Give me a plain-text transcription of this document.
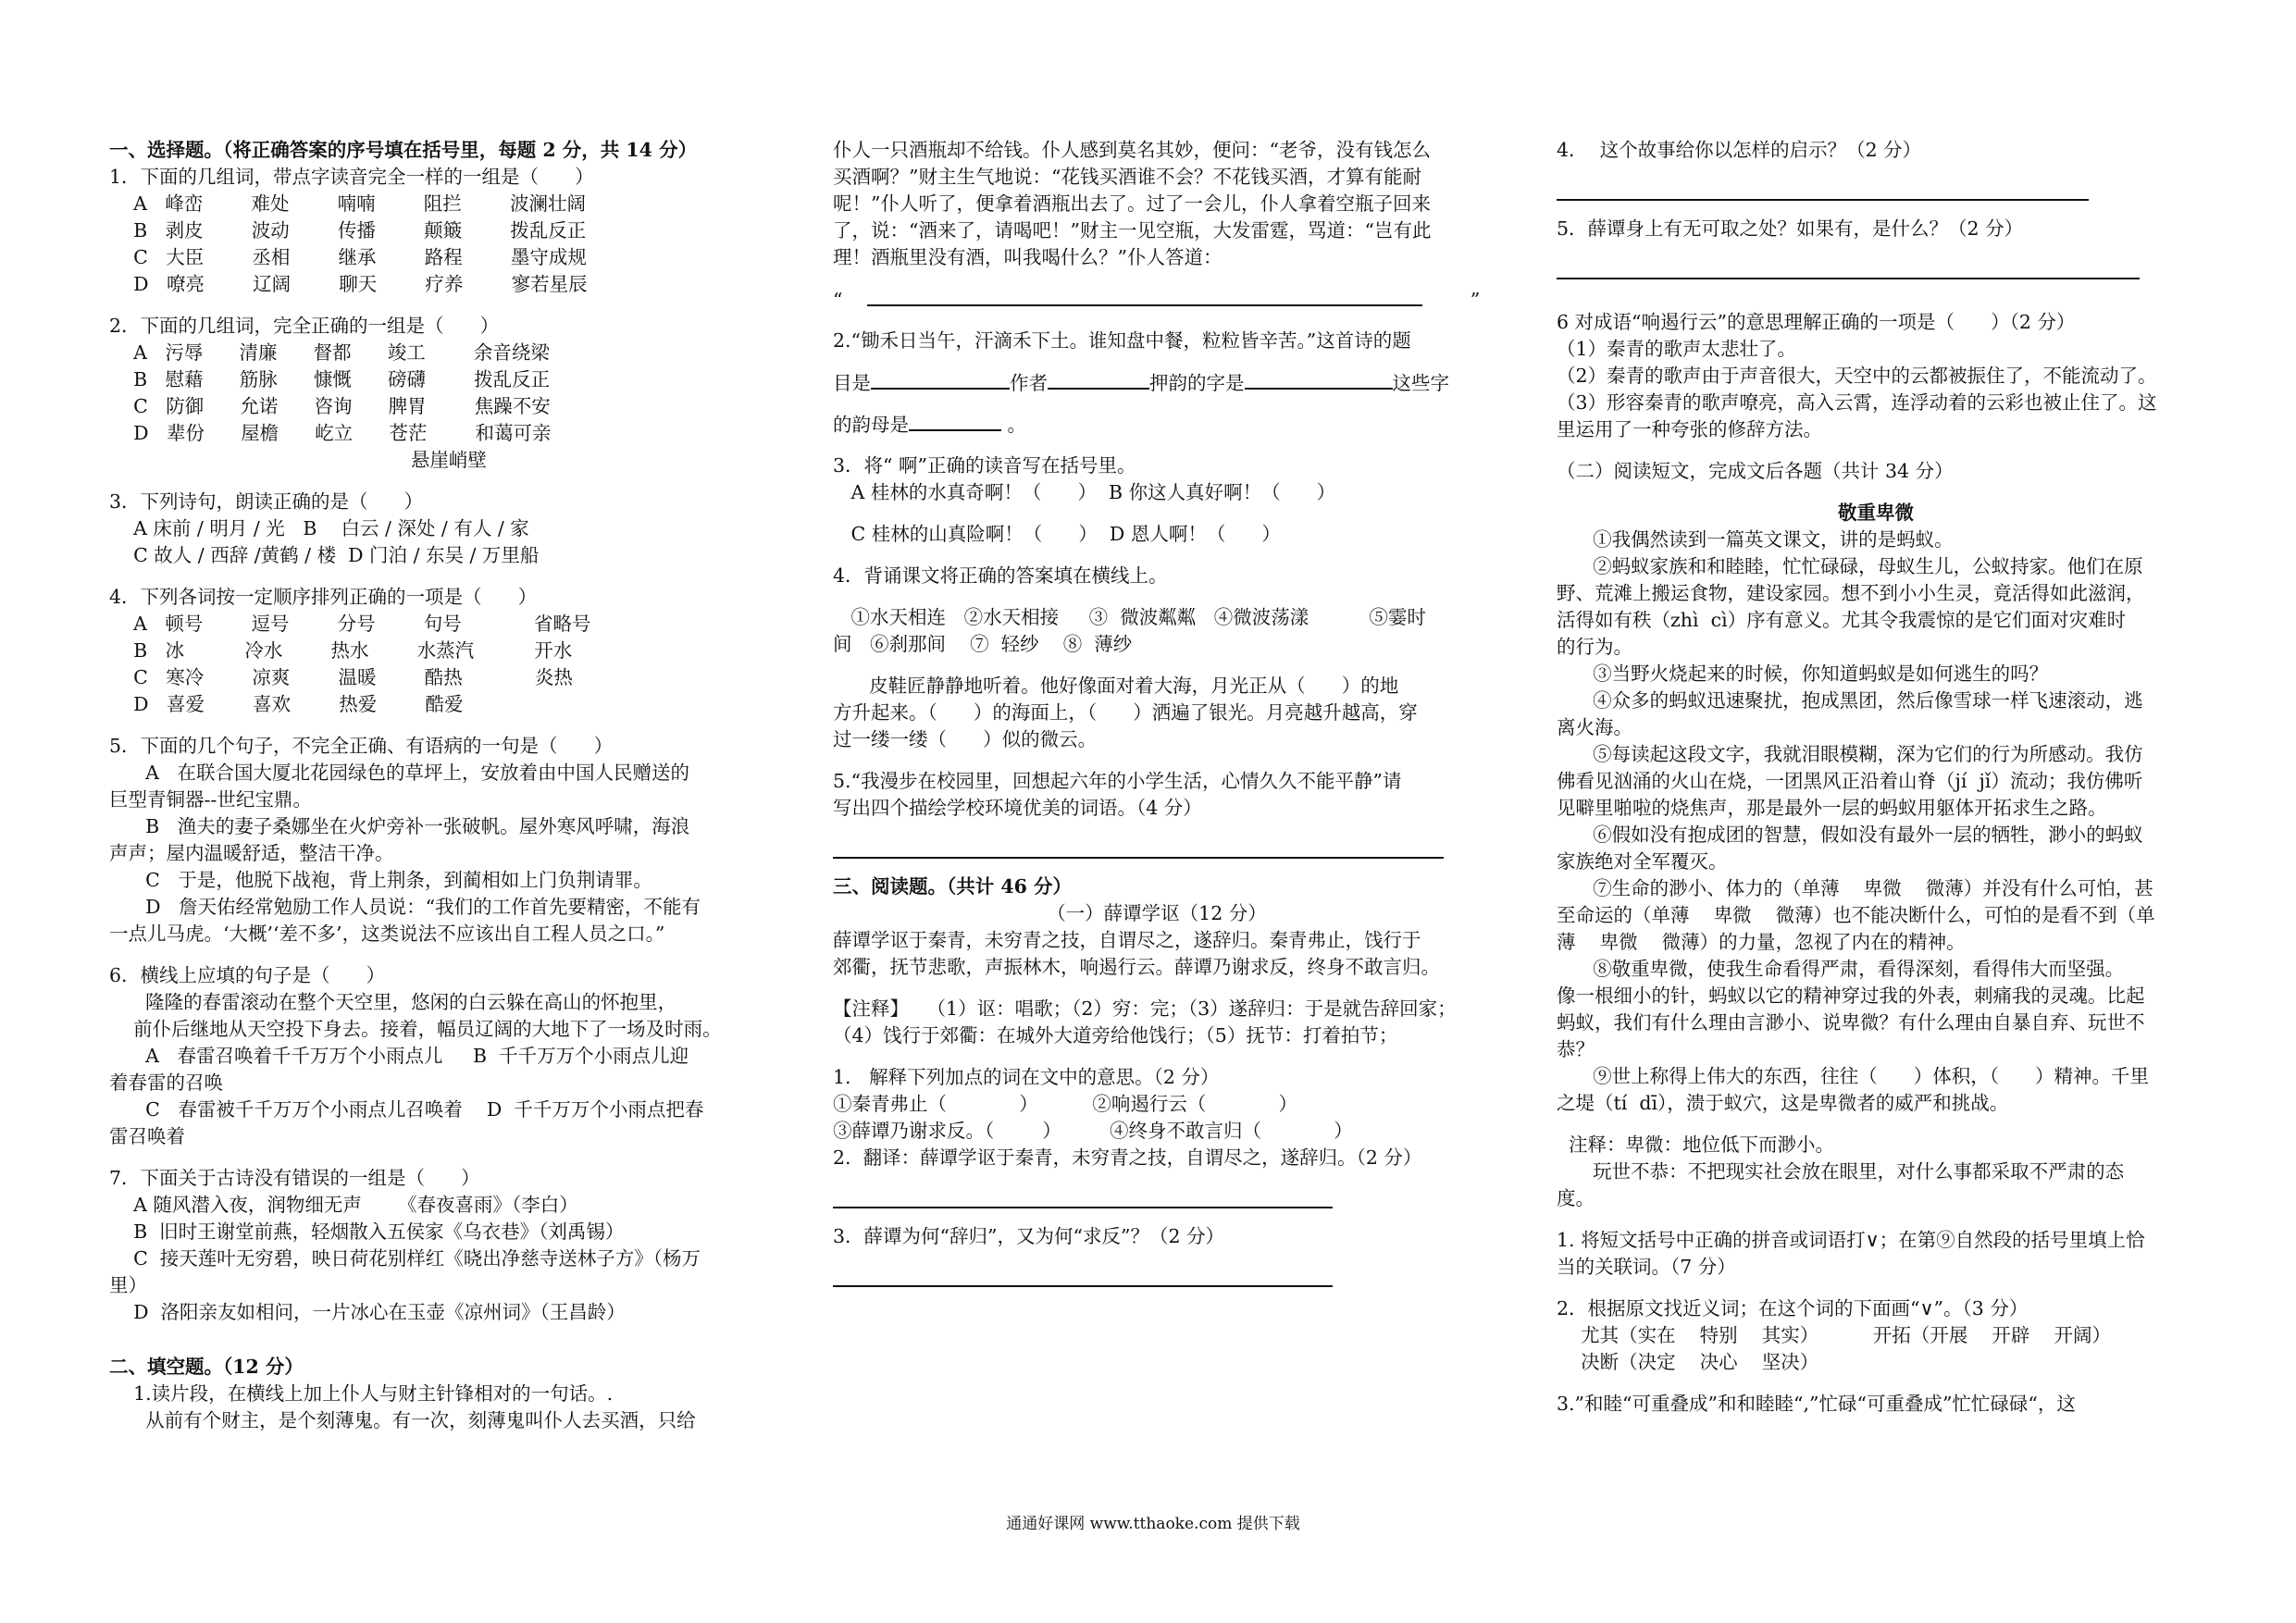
一、选择题。（将正确答案的序号填在括号里，每题 2 分，共 14 分）
1．下面的几组词，带点字读音完全一样的一组是（      ）
A   峰峦        难处        喃喃        阻拦        波澜壮阔
B   剥皮        波动        传播        颠簸        拨乱反正
C   大臣        丞相        继承        路程        墨守成规
D   嘹亮        辽阔        聊天        疗养        寥若星辰
2．下面的几组词，完全正确的一组是（      ）
A   污辱      清廉      督都      竣工        余音绕梁
B   慰藉      筋脉      慷慨      磅礴        拨乱反正
C   防御      允诺      咨询      脾胃        焦躁不安
D   辈份      屋檐      屹立      苍茫        和蔼可亲
悬崖峭壁
3．下列诗句，朗读正确的是（      ）
A 床前 / 明月 / 光   B    白云 / 深处 / 有人 / 家
C 故人 / 西辞 /黄鹤 / 楼  D 门泊 / 东吴 / 万里船
4．下列各词按一定顺序排列正确的一项是（      ）
A   顿号        逗号        分号        句号            省略号
B   冰          冷水        热水        水蒸汽          开水
C   寒冷        凉爽        温暖        酷热            炎热
D   喜爱        喜欢        热爱        酷爱
5．下面的几个句子，不完全正确、有语病的一句是（      ）
A   在联合国大厦北花园绿色的草坪上，安放着由中国人民赠送的
巨型青铜器--世纪宝鼎。
B   渔夫的妻子桑娜坐在火炉旁补一张破帆。屋外寒风呼啸，海浪
声声；屋内温暖舒适，整洁干净。
C   于是，他脱下战袍，背上荆条，到蔺相如上门负荆请罪。
D   詹天佑经常勉励工作人员说：“我们的工作首先要精密，不能有
一点儿马虎。‘大概’‘差不多’，这类说法不应该出自工程人员之口。”
6．横线上应填的句子是（      ）
隆隆的春雷滚动在整个天空里，悠闲的白云躲在高山的怀抱里，
前仆后继地从天空投下身去。接着，幅员辽阔的大地下了一场及时雨。
A   春雷召唤着千千万万个小雨点儿     B  千千万万个小雨点儿迎
着春雷的召唤
C   春雷被千千万万个小雨点儿召唤着    D  千千万万个小雨点把春
雷召唤着
7．下面关于古诗没有错误的一组是（      ）
A 随风潜入夜，润物细无声      《春夜喜雨》（李白）
B  旧时王谢堂前燕，轻烟散入五侯家《乌衣巷》（刘禹锡）
C  接天莲叶无穷碧，映日荷花别样红《晓出净慈寺送林子方》（杨万
里）
D  洛阳亲友如相问，一片冰心在玉壶《凉州词》（王昌龄）
二、填空题。（12 分）
1.读片段，在横线上加上仆人与财主针锋相对的一句话。.
从前有个财主，是个刻薄鬼。有一次，刻薄鬼叫仆人去买酒，只给
仆人一只酒瓶却不给钱。仆人感到莫名其妙，便问：“老爷，没有钱怎么
买酒啊？”财主生气地说：“花钱买酒谁不会？不花钱买酒，才算有能耐
呢！”仆人听了，便拿着酒瓶出去了。过了一会儿，仆人拿着空瓶子回来
了，说：“酒来了，请喝吧！”财主一见空瓶，大发雷霆，骂道：“岂有此
理！酒瓶里没有酒，叫我喝什么？”仆人答道：
“	”
2.“锄禾日当午，汗滴禾下土。谁知盘中餐，粒粒皆辛苦。”这首诗的题
目是	作者	押韵的字是	这些字
的韵母是	。
3．将“ 啊”正确的读音写在括号里。
A 桂林的水真奇啊！（      ）  B 你这人真好啊！（      ）
C 桂林的山真险啊！（      ）  D 恩人啊！（      ）
4．背诵课文将正确的答案填在横线上。
①水天相连   ②水天相接     ③  微波粼粼   ④微波荡漾          ⑤霎时
间   ⑥刹那间    ⑦  轻纱    ⑧  薄纱
皮鞋匠静静地听着。他好像面对着大海，月光正从（      ）的地
方升起来。（      ）的海面上，（      ）洒遍了银光。月亮越升越高，穿
过一缕一缕（      ）似的微云。
5.“我漫步在校园里，回想起六年的小学生活，心情久久不能平静”请
写出四个描绘学校环境优美的词语。（4 分）
三、阅读题。（共计 46 分）
（一）薛谭学讴（12 分）
薛谭学讴于秦青，未穷青之技，自谓尽之，遂辞归。秦青弗止，饯行于
郊衢，抚节悲歌，声振林木，响遏行云。薛谭乃谢求反，终身不敢言归。
【注释】   （1）讴：唱歌；（2）穷：完；（3）遂辞归：于是就告辞回家；
（4）饯行于郊衢：在城外大道旁给他饯行；（5）抚节：打着拍节；
1.   解释下列加点的词在文中的意思。（2 分）
①秦青弗止（            ）         ②响遏行云（            ）
③薛谭乃谢求反。（        ）        ④终身不敢言归（            ）
2.  翻译：薛谭学讴于秦青，未穷青之技，自谓尽之，遂辞归。（2 分）
3．薛谭为何“辞归”，又为何“求反”？（2 分）
4．  这个故事给你以怎样的启示？（2 分）
5．薛谭身上有无可取之处？如果有，是什么？（2 分）
6 对成语“响遏行云”的意思理解正确的一项是（      ）（2 分）
（1）秦青的歌声太悲壮了。
（2）秦青的歌声由于声音很大，天空中的云都被振住了，不能流动了。
（3）形容秦青的歌声嘹亮，高入云霄，连浮动着的云彩也被止住了。这
里运用了一种夸张的修辞方法。
（二）阅读短文，完成文后各题（共计 34 分）
敬重卑微
①我偶然读到一篇英文课文，讲的是蚂蚁。
②蚂蚁家族和和睦睦，忙忙碌碌，母蚁生儿，公蚁持家。他们在原
野、荒滩上搬运食物，建设家园。想不到小小生灵，竟活得如此滋润，
活得如有秩（zhì  cì）序有意义。尤其令我震惊的是它们面对灾难时
的行为。
③当野火烧起来的时候，你知道蚂蚁是如何逃生的吗？
④众多的蚂蚁迅速聚扰，抱成黑团，然后像雪球一样飞速滚动，逃
离火海。
⑤每读起这段文字，我就泪眼模糊，深为它们的行为所感动。我仿
佛看见汹涌的火山在烧，一团黑风正沿着山脊（jí  jǐ）流动；我仿佛听
见噼里啪啦的烧焦声，那是最外一层的蚂蚁用躯体开拓求生之路。
⑥假如没有抱成团的智慧，假如没有最外一层的牺牲，渺小的蚂蚁
家族绝对全军覆灭。
⑦生命的渺小、体力的（单薄    卑微    微薄）并没有什么可怕，甚
至命运的（单薄    卑微    微薄）也不能决断什么，可怕的是看不到（单
薄    卑微    微薄）的力量，忽视了内在的精神。
⑧敬重卑微，使我生命看得严肃，看得深刻，看得伟大而坚强。
像一根细小的针，蚂蚁以它的精神穿过我的外表，刺痛我的灵魂。比起
蚂蚁，我们有什么理由言渺小、说卑微？有什么理由自暴自弃、玩世不
恭？
⑨世上称得上伟大的东西，往往（      ）体积，（      ）精神。千里
之堤（tí  dī），溃于蚁穴，这是卑微者的威严和挑战。
注释：卑微：地位低下而渺小。
玩世不恭：不把现实社会放在眼里，对什么事都采取不严肃的态
度。
1. 将短文括号中正确的拼音或词语打∨；在第⑨自然段的括号里填上恰
当的关联词。（7 分）
2．根据原文找近义词；在这个词的下面画“∨”。（3 分）
尤其（实在    特别    其实）         开拓（开展    开辟    开阔）
决断（决定    决心    坚决）
3.”和睦“可重叠成”和和睦睦“,”忙碌“可重叠成”忙忙碌碌“，这
通通好课网 www.tthaoke.com 提供下载
